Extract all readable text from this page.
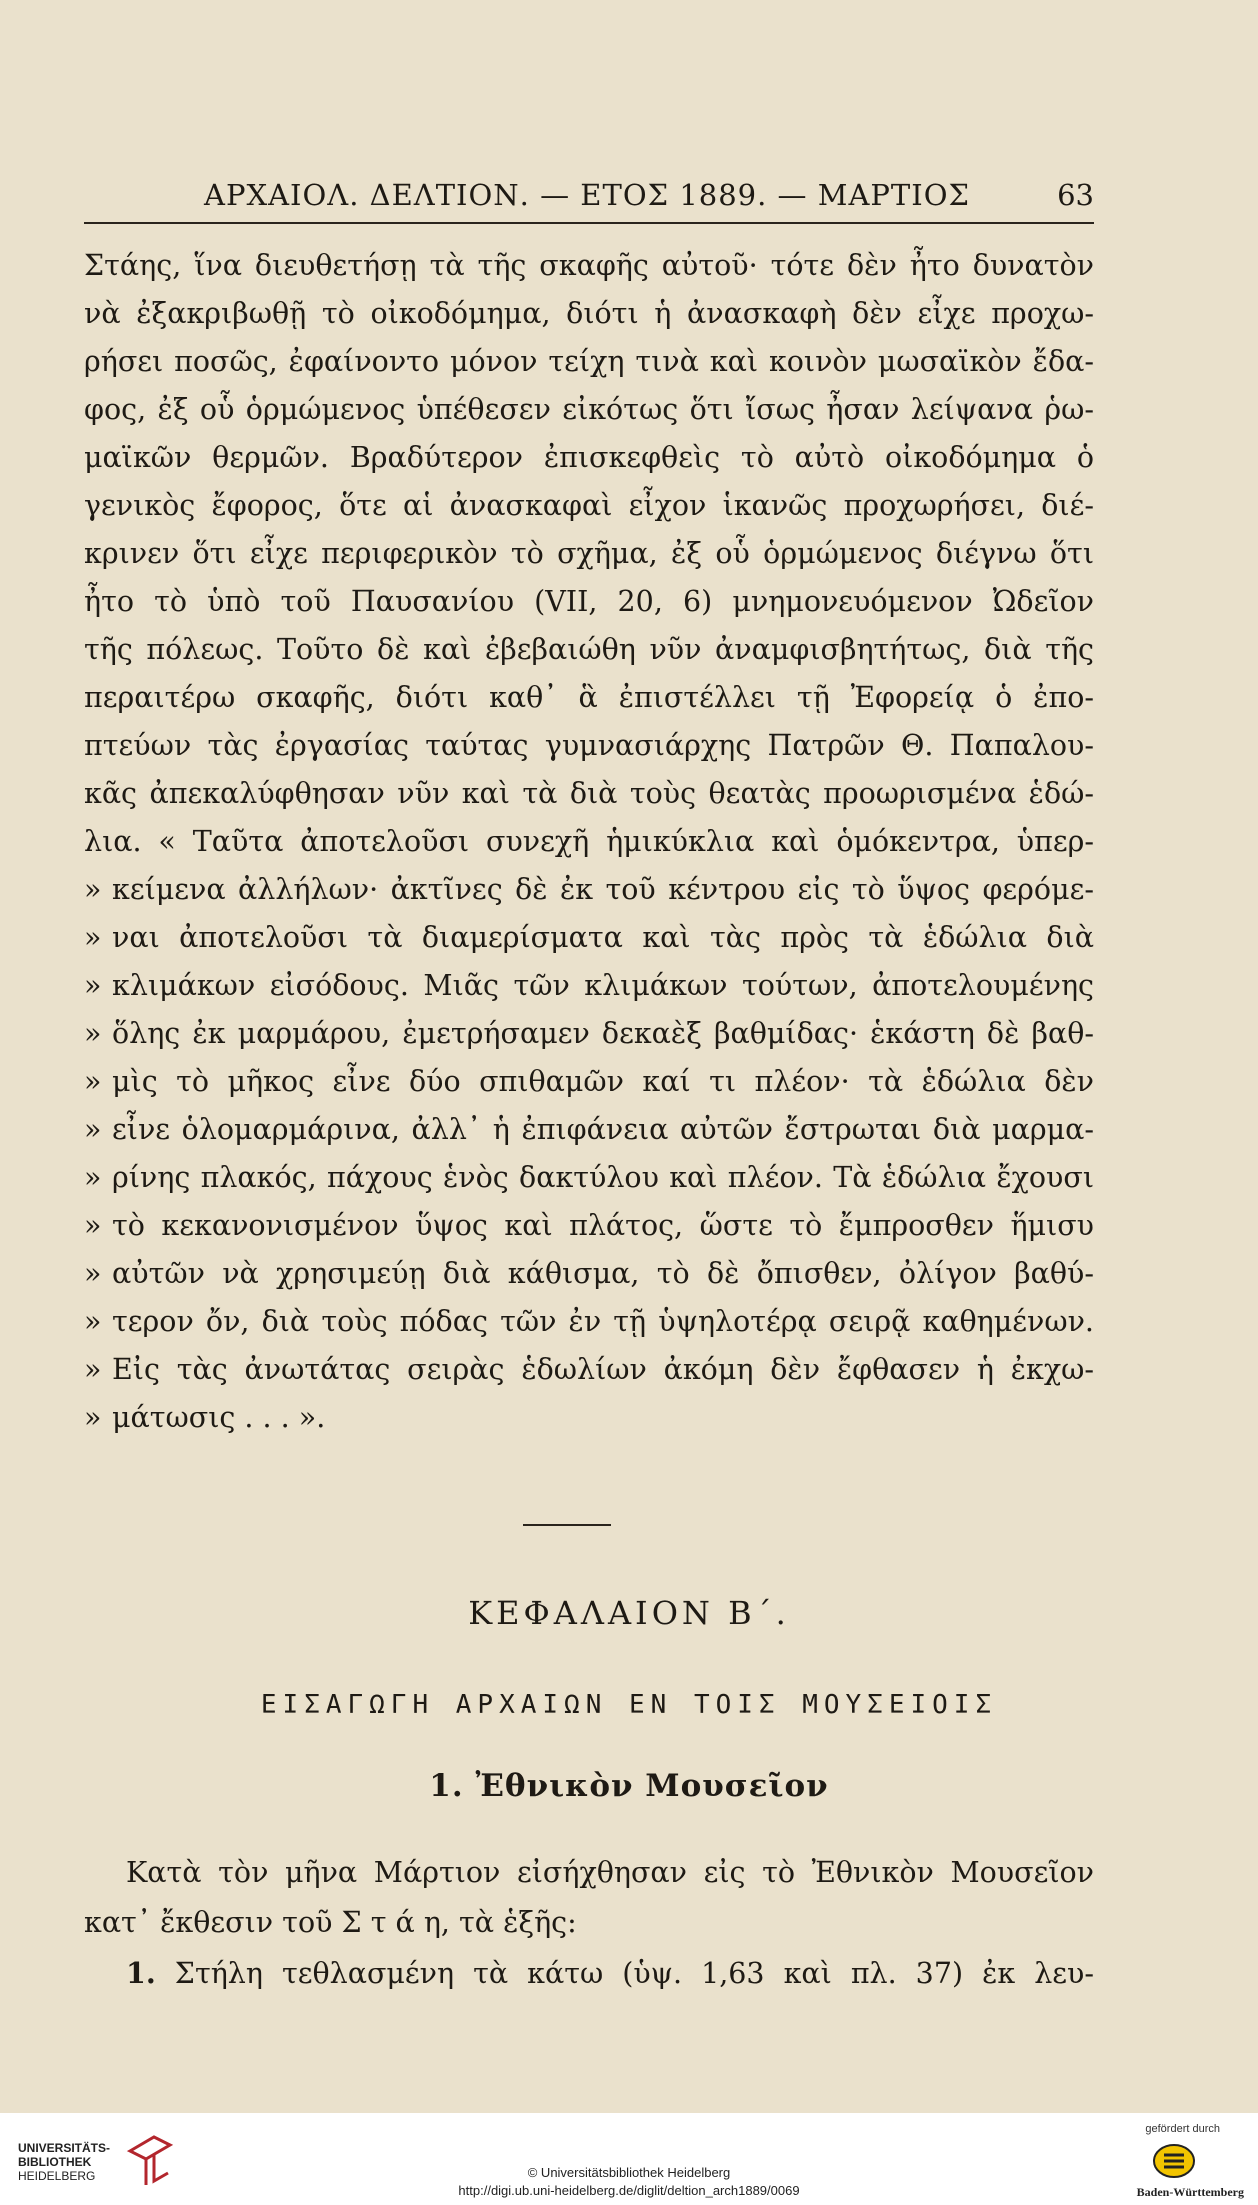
ΑΡΧΑΙΟΛ. ΔΕΛΤΙΟΝ. — ΕΤΟΣ 1889. — ΜΑΡΤΙΟΣ	63
Στάης, ἵνα διευθετήσῃ τὰ τῆς σκαφῆς αὐτοῦ· τότε δὲν ἦτο δυνατὸν
νὰ ἐξακριβωθῇ τὸ οἰκοδόμημα, διότι ἡ ἀνασκαφὴ δὲν εἶχε προχω-
ρήσει ποσῶς, ἐφαίνοντο μόνον τείχη τινὰ καὶ κοινὸν μωσαϊκὸν ἔδα-
φος, ἐξ οὗ ὁρμώμενος ὑπέθεσεν εἰκότως ὅτι ἴσως ἦσαν λείψανα ῥω-
μαϊκῶν θερμῶν. Βραδύτερον ἐπισκεφθεὶς τὸ αὐτὸ οἰκοδόμημα ὁ
γενικὸς ἔφορος, ὅτε αἱ ἀνασκαφαὶ εἶχον ἱκανῶς προχωρήσει, διέ-
κρινεν ὅτι εἶχε περιφερικὸν τὸ σχῆμα, ἐξ οὗ ὁρμώμενος διέγνω ὅτι
ἦτο τὸ ὑπὸ τοῦ Παυσανίου (VII, 20, 6) μνημονευόμενον Ὠδεῖον
τῆς πόλεως. Τοῦτο δὲ καὶ ἐβεβαιώθη νῦν ἀναμφισβητήτως, διὰ τῆς
περαιτέρω σκαφῆς, διότι καθ᾽ ἃ ἐπιστέλλει τῇ Ἐφορείᾳ ὁ ἐπο-
πτεύων τὰς ἐργασίας ταύτας γυμνασιάρχης Πατρῶν Θ. Παπαλου-
κᾶς ἀπεκαλύφθησαν νῦν καὶ τὰ διὰ τοὺς θεατὰς προωρισμένα ἑδώ-
λια. « Ταῦτα ἀποτελοῦσι συνεχῆ ἡμικύκλια καὶ ὁμόκεντρα, ὑπερ-
» κείμενα ἀλλήλων· ἀκτῖνες δὲ ἐκ τοῦ κέντρου εἰς τὸ ὕψος φερόμε-
» ναι ἀποτελοῦσι τὰ διαμερίσματα καὶ τὰς πρὸς τὰ ἑδώλια διὰ
» κλιμάκων εἰσόδους. Μιᾶς τῶν κλιμάκων τούτων, ἀποτελουμένης
» ὅλης ἐκ μαρμάρου, ἐμετρήσαμεν δεκαὲξ βαθμίδας· ἑκάστη δὲ βαθ-
» μὶς τὸ μῆκος εἶνε δύο σπιθαμῶν καί τι πλέον· τὰ ἑδώλια δὲν
» εἶνε ὁλομαρμάρινα, ἀλλ᾽ ἡ ἐπιφάνεια αὐτῶν ἔστρωται διὰ μαρμα-
» ρίνης πλακός, πάχους ἑνὸς δακτύλου καὶ πλέον. Τὰ ἑδώλια ἔχουσι
» τὸ κεκανονισμένον ὕψος καὶ πλάτος, ὥστε τὸ ἔμπροσθεν ἥμισυ
» αὐτῶν νὰ χρησιμεύῃ διὰ κάθισμα, τὸ δὲ ὄπισθεν, ὀλίγον βαθύ-
» τερον ὄν, διὰ τοὺς πόδας τῶν ἐν τῇ ὑψηλοτέρᾳ σειρᾷ καθημένων.
» Εἰς τὰς ἀνωτάτας σειρὰς ἑδωλίων ἀκόμη δὲν ἔφθασεν ἡ ἐκχω-
» μάτωσις . . . ».
ΚΕΦΑΛΑΙΟΝ Β΄.
ΕΙΣΑΓΩΓΗ ΑΡΧΑΙΩΝ ΕΝ ΤΟΙΣ ΜΟΥΣΕΙΟΙΣ
1. Ἐθνικὸν Μουσεῖον
Κατὰ τὸν μῆνα Μάρτιον εἰσήχθησαν εἰς τὸ Ἐθνικὸν Μουσεῖον
κατ᾽ ἔκθεσιν τοῦ Σ τ ά η, τὰ ἑξῆς:
1. Στήλη τεθλασμένη τὰ κάτω (ὑψ. 1,63 καὶ πλ. 37) ἐκ λευ-
UNIVERSITÄTS-
BIBLIOTHEK
HEIDELBERG	© Universitätsbibliothek Heidelberg
http://digi.ub.uni-heidelberg.de/diglit/deltion_arch1889/0069
gefördert durch
Baden-Württemberg
